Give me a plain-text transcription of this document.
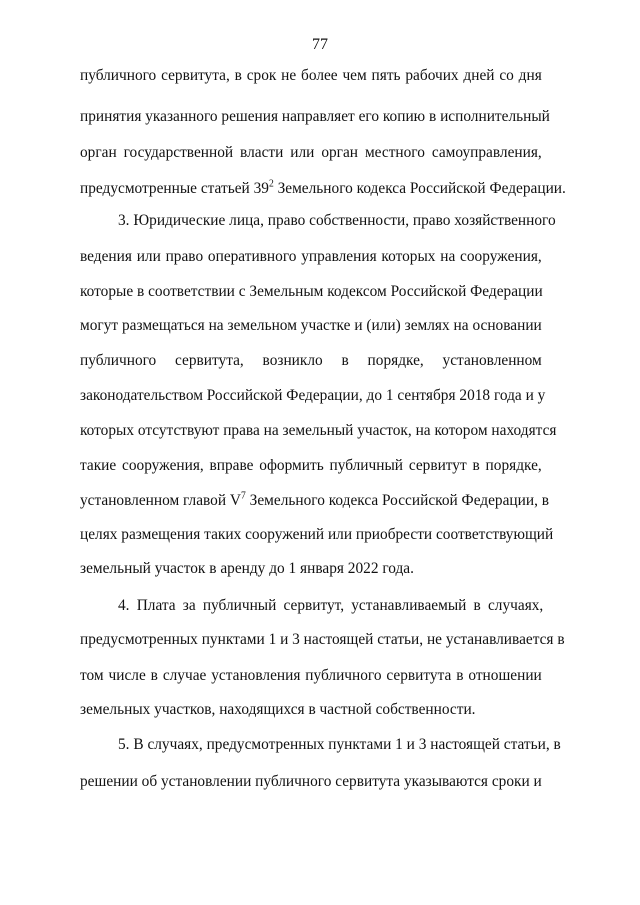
77
публичного сервитута, в срок не более чем пять рабочих дней со дня
принятия указанного решения направляет его копию в исполнительный
орган государственной власти или орган местного самоуправления,
предусмотренные статьей $39^2$ Земельного кодекса Российской Федерации.
3. Юридические лица, право собственности, право хозяйственного
ведения или право оперативного управления которых на сооружения,
которые в соответствии с Земельным кодексом Российской Федерации
могут размещаться на земельном участке и (или) землях на основании
публичного сервитута, возникло в порядке, установленном
законодательством Российской Федерации, до 1 сентября 2018 года и у
которых отсутствуют права на земельный участок, на котором находятся
такие сооружения, вправе оформить публичный сервитут в порядке,
установленном главой $V^7$ Земельного кодекса Российской Федерации, в
целях размещения таких сооружений или приобрести соответствующий
земельный участок в аренду до 1 января 2022 года.
4. Плата за публичный сервитут, устанавливаемый в случаях,
предусмотренных пунктами 1 и 3 настоящей статьи, не устанавливается в
том числе в случае установления публичного сервитута в отношении
земельных участков, находящихся в частной собственности.
5. В случаях, предусмотренных пунктами 1 и 3 настоящей статьи, в
решении об установлении публичного сервитута указываются сроки и
